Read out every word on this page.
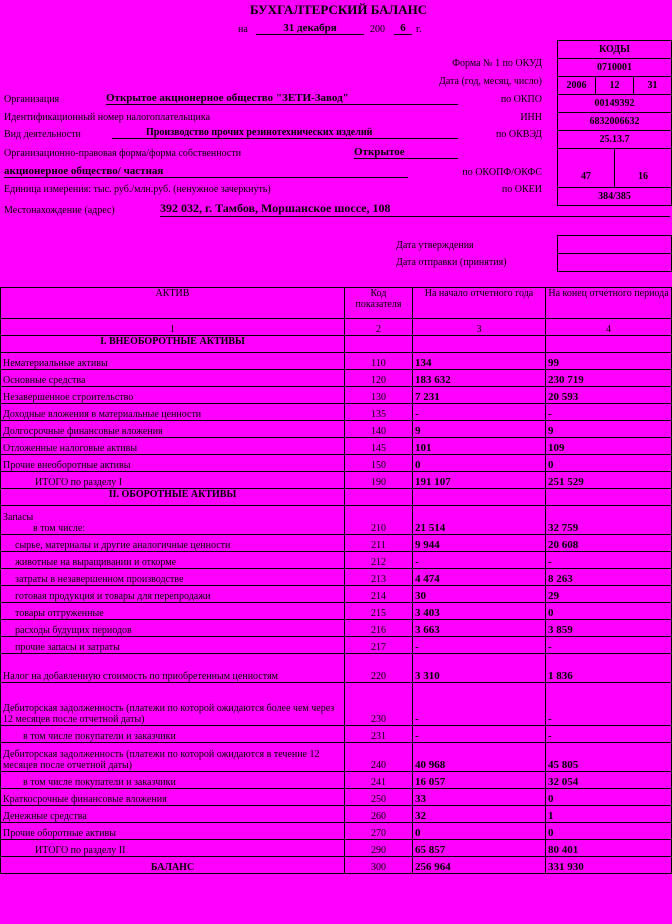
БУХГАЛТЕРСКИЙ БАЛАНС
на	31 декабря	200	6	г.
КОДЫ
0710001
2006	12	31
00149392
6832006632
25.13.7
47	16
384/385
Форма № 1 по ОКУД
Дата (год, месяц, число)
по ОКПО
ИНН
по ОКВЭД
по ОКОПФ/ОКФС
по ОКЕИ
Организация	Открытое акционерное общество "ЗЕТИ-Завод"
Идентификационный номер налогоплательщика
Вид деятельности	Производство прочих резинотехнических изделий
Организационно-правовая форма/форма собственности	Открытое
акционерное общество/ частная
Единица измерения: тыс. руб./млн.руб. (ненужное зачеркнуть)
Местонахождение (адрес)	392 032, г. Тамбов, Моршанское шоссе, 108
Дата утверждения
Дата отправки (принятия)
АКТИВ	Код показателя	На начало отчетного года	На конец отчетного периода
1	2	3	4
I. ВНЕОБОРОТНЫЕ АКТИВЫ			
Нематериальные активы	110	134	99
Основные средства	120	183 632	230 719
Незавершенное строительство	130	7 231	20 593
Доходные вложения в материальные ценности	135	-	-
Долгосрочные финансовые вложения	140	9	9
Отложенные налоговые активы	145	101	109
Прочие внеоборотные активы	150	0	0
ИТОГО по разделу I	190	191 107	251 529
II. ОБОРОТНЫЕ АКТИВЫ			

Запасы
в том числе:	210	21 514	32 759
сырье, материалы и другие аналогичные ценности	211	9 944	20 608
животные на выращивании и откорме	212	-	-
затраты в незавершенном производстве	213	4 474	8 263
готовая продукция и товары для перепродажи	214	30	29
товары отгруженные	215	3 403	0
расходы будущих периодов	216	3 663	3 859
прочие запасы и затраты	217	-	-
Налог на добавленную стоимость по приобретенным ценностям	220	3 310	1 836
Дебиторская задолженность (платежи по которой ожидаются более чем через 12 месяцев после отчетной даты)	230	-	-
в том числе покупатели и заказчики	231	-	-
Дебиторская задолженность (платежи по которой ожидаются в течение 12 месяцев после отчетной даты)	240	40 968	45 805
в том числе покупатели и заказчики	241	16 057	32 054
Краткосрочные финансовые вложения	250	33	0
Денежные средства	260	32	1
Прочие оборотные активы	270	0	0
ИТОГО по разделу II	290	65 857	80 401
БАЛАНС	300	256 964	331 930
